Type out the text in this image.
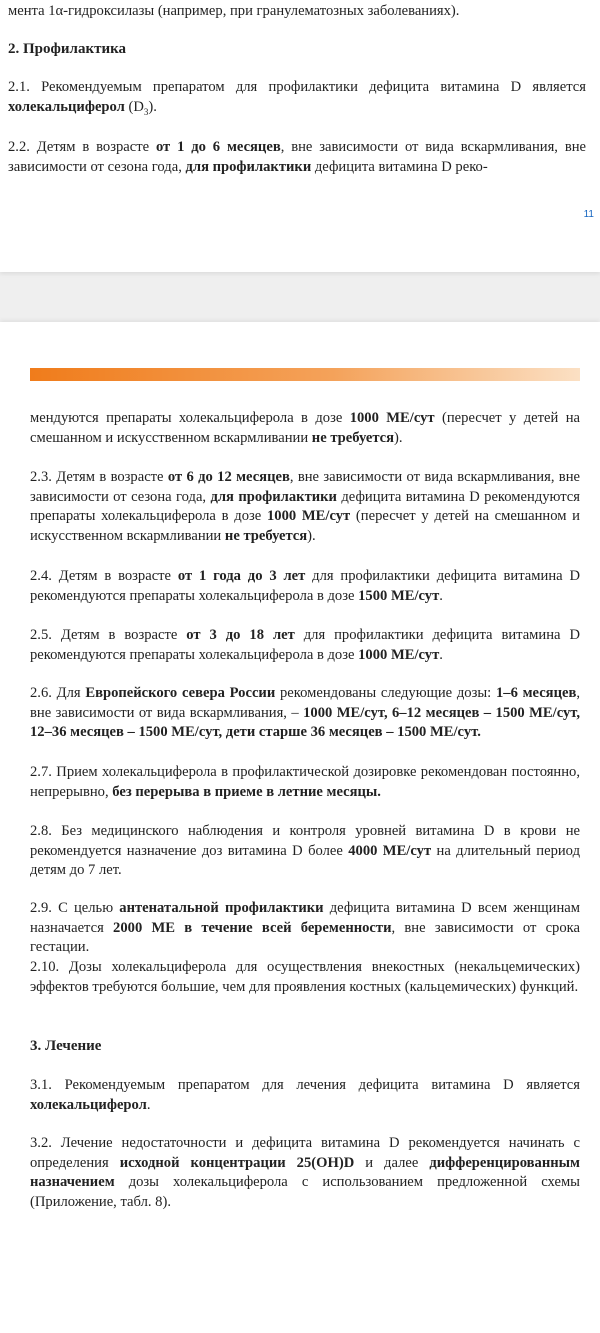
мента 1α-гидроксилазы (например, при гранулематозных заболеваниях).

2. Профилактика

2.1. Рекомендуемым препаратом для профилактики дефицита витамина D является холекальциферол $(D_3)$.

2.2. Детям в возрасте от 1 до 6 месяцев, вне зависимости от вида вскармливания, вне зависимости от сезона года, для профилактики дефицита витамина D реко-

11

мендуются препараты холекальциферола в дозе 1000 МЕ/сут (пересчет у детей на смешанном и искусственном вскармливании не требуется).

2.3. Детям в возрасте от 6 до 12 месяцев, вне зависимости от вида вскармливания, вне зависимости от сезона года, для профилактики дефицита витамина D рекомендуются препараты холекальциферола в дозе 1000 МЕ/сут (пересчет у детей на смешанном и искусственном вскармливании не требуется).

2.4. Детям в возрасте от 1 года до 3 лет для профилактики дефицита витамина D рекомендуются препараты холекальциферола в дозе 1500 МЕ/сут.

2.5. Детям в возрасте от 3 до 18 лет для профилактики дефицита витамина D рекомендуются препараты холекальциферола в дозе 1000 МЕ/сут.

2.6. Для Европейского севера России рекомендованы следующие дозы: 1–6 месяцев, вне зависимости от вида вскармливания, – 1000 МЕ/сут, 6–12 месяцев – 1500 МЕ/сут, 12–36 месяцев – 1500 МЕ/сут, дети старше 36 месяцев – 1500 МЕ/сут.

2.7. Прием холекальциферола в профилактической дозировке рекомендован постоянно, непрерывно, без перерыва в приеме в летние месяцы.

2.8. Без медицинского наблюдения и контроля уровней витамина D в крови не рекомендуется назначение доз витамина D более 4000 МЕ/сут на длительный период детям до 7 лет.

2.9. С целью антенатальной профилактики дефицита витамина D всем женщинам назначается 2000 МЕ в течение всей беременности, вне зависимости от срока гестации.

2.10. Дозы холекальциферола для осуществления внекостных (некальцемических) эффектов требуются большие, чем для проявления костных (кальцемических) функций.

3. Лечение

3.1. Рекомендуемым препаратом для лечения дефицита витамина D является холекальциферол.

3.2. Лечение недостаточности и дефицита витамина D рекомендуется начинать с определения исходной концентрации 25(OH)D и далее дифференцированным назначением дозы холекальциферола с использованием предложенной схемы (Приложение, табл. 8).
